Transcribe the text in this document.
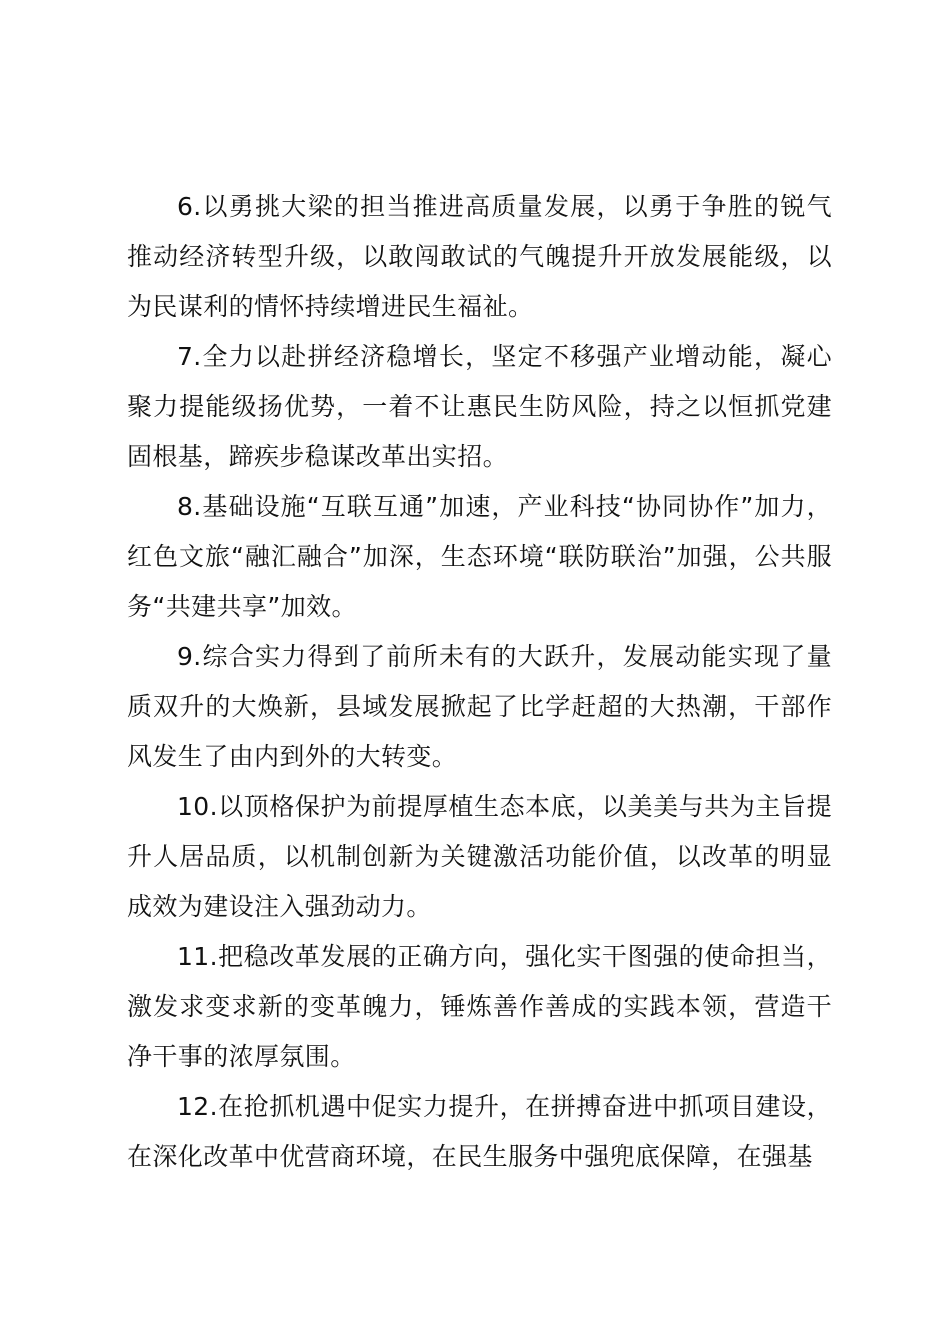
6.以勇挑大梁的担当推进高质量发展，以勇于争胜的锐气推动经济转型升级，以敢闯敢试的气魄提升开放发展能级，以为民谋利的情怀持续增进民生福祉。

7.全力以赴拼经济稳增长，坚定不移强产业增动能，凝心聚力提能级扬优势，一着不让惠民生防风险，持之以恒抓党建固根基，蹄疾步稳谋改革出实招。

8.基础设施“互联互通”加速，产业科技“协同协作”加力，红色文旅“融汇融合”加深，生态环境“联防联治”加强，公共服务“共建共享”加效。

9.综合实力得到了前所未有的大跃升，发展动能实现了量质双升的大焕新，县域发展掀起了比学赶超的大热潮，干部作风发生了由内到外的大转变。

10.以顶格保护为前提厚植生态本底，以美美与共为主旨提升人居品质，以机制创新为关键激活功能价值，以改革的明显成效为建设注入强劲动力。

11.把稳改革发展的正确方向，强化实干图强的使命担当，激发求变求新的变革魄力，锤炼善作善成的实践本领，营造干净干事的浓厚氛围。

12.在抢抓机遇中促实力提升，在拼搏奋进中抓项目建设，在深化改革中优营商环境，在民生服务中强兜底保障，在强基
